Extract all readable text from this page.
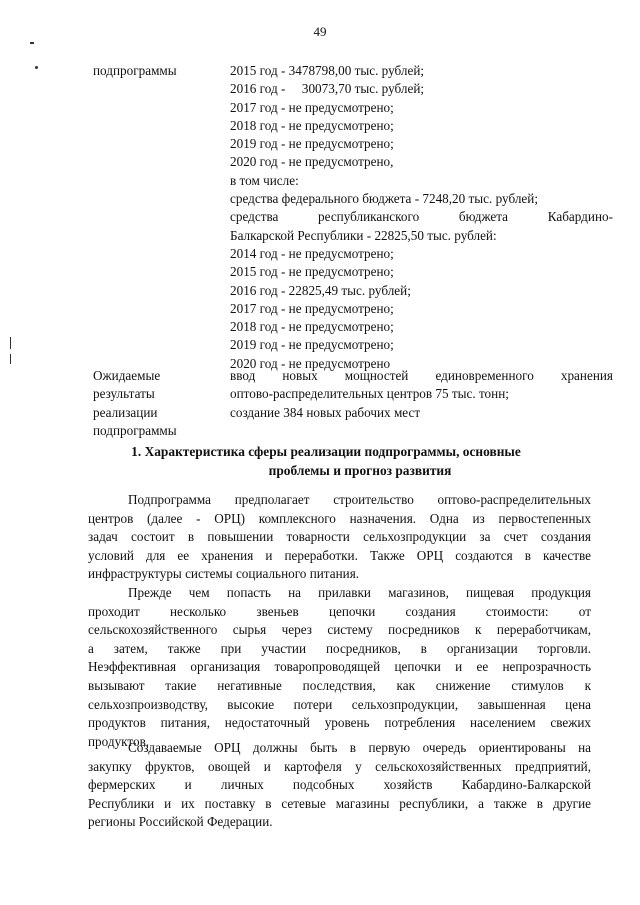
49
подпрограммы	2015 год - 3478798,00 тыс. рублей;
2016 год -     30073,70 тыс. рублей;
2017 год - не предусмотрено;
2018 год - не предусмотрено;
2019 год - не предусмотрено;
2020 год - не предусмотрено,
в том числе:
средства федерального бюджета - 7248,20 тыс. рублей;
средства республиканского бюджета Кабардино-
Балкарской Республики - 22825,50 тыс. рублей:
2014 год - не предусмотрено;
2015 год - не предусмотрено;
2016 год - 22825,49 тыс. рублей;
2017 год - не предусмотрено;
2018 год - не предусмотрено;
2019 год - не предусмотрено;
2020 год - не предусмотрено
Ожидаемые
результаты
реализации
подпрограммы
ввод новых мощностей единовременного хранения
оптово-распределительных центров 75 тыс. тонн;
создание 384 новых рабочих мест
1. Характеристика сферы реализации подпрограммы, основные
проблемы и прогноз развития
Подпрограмма предполагает строительство оптово-распределительных
центров (далее - ОРЦ) комплексного назначения. Одна из первостепенных
задач состоит в повышении товарности сельхозпродукции за счет создания
условий для ее хранения и переработки. Также ОРЦ создаются в качестве
инфраструктуры системы социального питания.
Прежде чем попасть на прилавки магазинов, пищевая продукция
проходит несколько звеньев цепочки создания стоимости: от
сельскохозяйственного сырья через систему посредников к переработчикам,
а затем, также при участии посредников, в организации торговли.
Неэффективная организация товаропроводящей цепочки и ее непрозрачность
вызывают такие негативные последствия, как снижение стимулов к
сельхозпроизводству, высокие потери сельхозпродукции, завышенная цена
продуктов питания, недостаточный уровень потребления населением свежих
продуктов.
Создаваемые ОРЦ должны быть в первую очередь ориентированы на
закупку фруктов, овощей и картофеля у сельскохозяйственных предприятий,
фермерских и личных подсобных хозяйств Кабардино-Балкарской
Республики и их поставку в сетевые магазины республики, а также в другие
регионы Российской Федерации.
